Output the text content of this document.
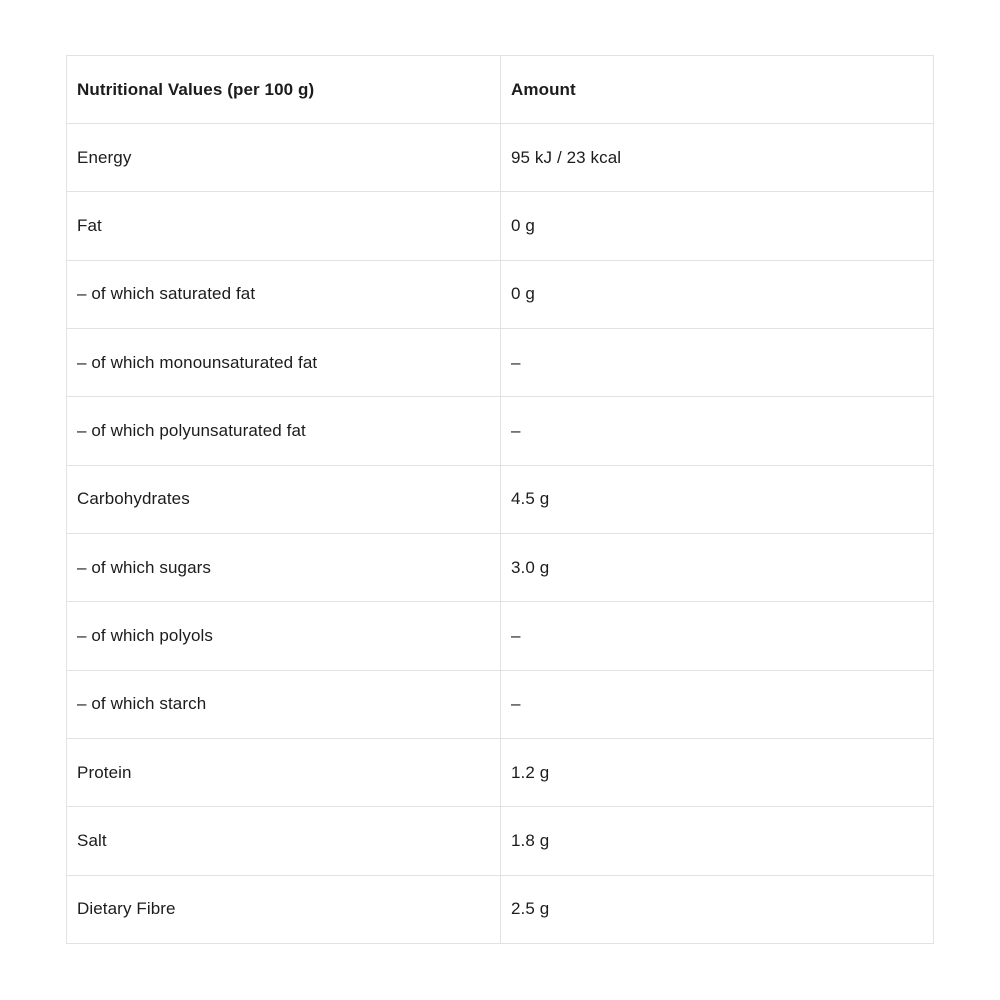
Nutritional Values (per 100 g)	Amount
Energy	95 kJ / 23 kcal
Fat	0 g
– of which saturated fat	0 g
– of which monounsaturated fat	–
– of which polyunsaturated fat	–
Carbohydrates	4.5 g
– of which sugars	3.0 g
– of which polyols	–
– of which starch	–
Protein	1.2 g
Salt	1.8 g
Dietary Fibre	2.5 g
